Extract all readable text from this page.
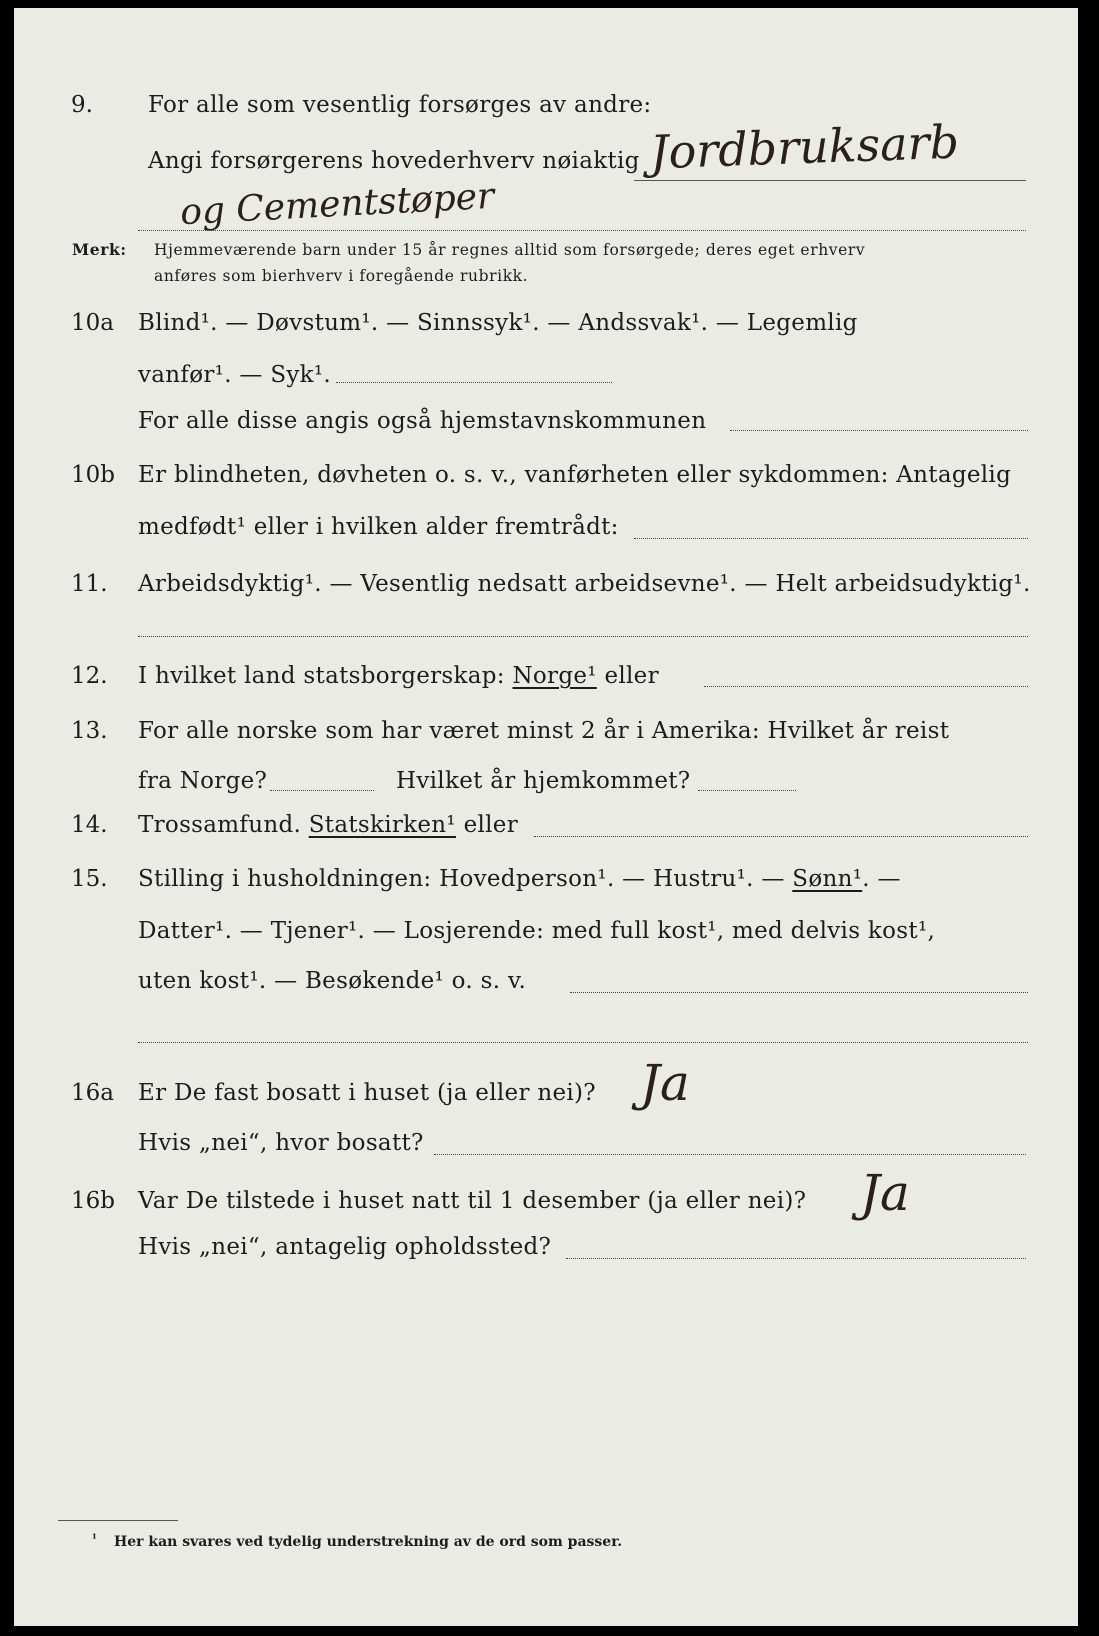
9. For alle som vesentlig forsørges av andre:
Angi forsørgerens hovederhverv nøiaktig Jordbruksarb
og Cementstøper
Merk: Hjemmeværende barn under 15 år regnes alltid som forsørgede; deres eget erhverv
anføres som bierhverv i foregående rubrikk.
10a Blind¹. — Døvstum¹. — Sinnssyk¹. — Andssvak¹. — Legemlig
vanfør¹. — Syk¹.
For alle disse angis også hjemstavnskommunen
10b Er blindheten, døvheten o. s. v., vanførheten eller sykdommen: Antagelig
medfødt¹ eller i hvilken alder fremtrådt:
11. Arbeidsdyktig¹. — Vesentlig nedsatt arbeidsevne¹. — Helt arbeidsudyktig¹.
12. I hvilket land statsborgerskap: Norge¹ eller
13. For alle norske som har været minst 2 år i Amerika: Hvilket år reist
fra Norge?	Hvilket år hjemkommet?
14. Trossamfund. Statskirken¹ eller
15. Stilling i husholdningen: Hovedperson¹. — Hustru¹. — Sønn¹. —
Datter¹. — Tjener¹. — Losjerende: med full kost¹, med delvis kost¹,
uten kost¹. — Besøkende¹ o. s. v.
16a Er De fast bosatt i huset (ja eller nei)? Ja
Hvis „nei“, hvor bosatt?
16b Var De tilstede i huset natt til 1 desember (ja eller nei)? Ja
Hvis „nei“, antagelig opholdssted?
¹ Her kan svares ved tydelig understrekning av de ord som passer.
